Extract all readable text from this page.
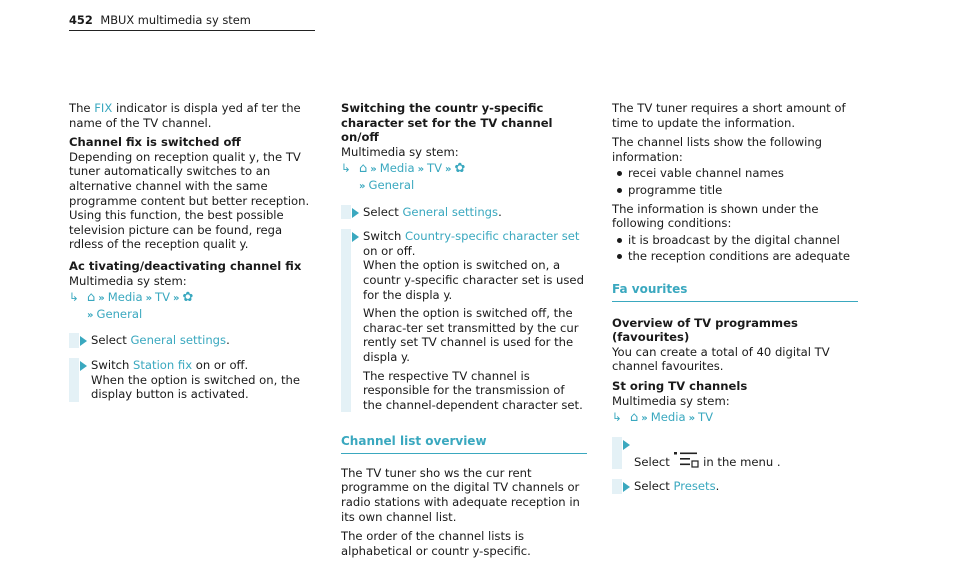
452 MBUX multimedia sy stem

The FIX indicator is displa yed af ter the name of the TV channel.

Channel fix is switched off

Depending on reception qualit y, the TV tuner automatically switches to an alternative channel with the same programme content but better reception. Using this function, the best possible television picture can be found, rega rdless of the reception qualit y.

Ac tivating/deactivating channel fix

Multimedia sy stem:

↳ ⌂ » Media » TV » ✿
» General

Select General settings.

Switch Station fix on or off.

When the option is switched on, the display button is activated.

Switching the countr y-specific character set for the TV channel on/off

Multimedia sy stem:

↳ ⌂ » Media » TV » ✿
» General

Select General settings.

Switch Country-specific character set on or off.

When the option is switched on, a countr y-specific character set is used for the displa y.

When the option is switched off, the charac‐ter set transmitted by the cur rently set TV channel is used for the displa y.

The respective TV channel is responsible for the transmission of the channel-dependent character set.

Channel list overview

The TV tuner sho ws the cur rent programme on the digital TV channels or radio stations with adequate reception in its own channel list.

The order of the channel lists is alphabetical or countr y-specific.

The TV tuner requires a short amount of time to update the information.

The channel lists show the following information:

recei vable channel names
programme title

The information is shown under the following conditions:

it is broadcast by the digital channel
the reception conditions are adequate
Fa vourites

Overview of TV programmes (favourites)

You can create a total of 40 digital TV channel favourites.

St oring TV channels

Multimedia sy stem:

↳ ⌂ » Media » TV

Select  in the menu .

Select Presets.
